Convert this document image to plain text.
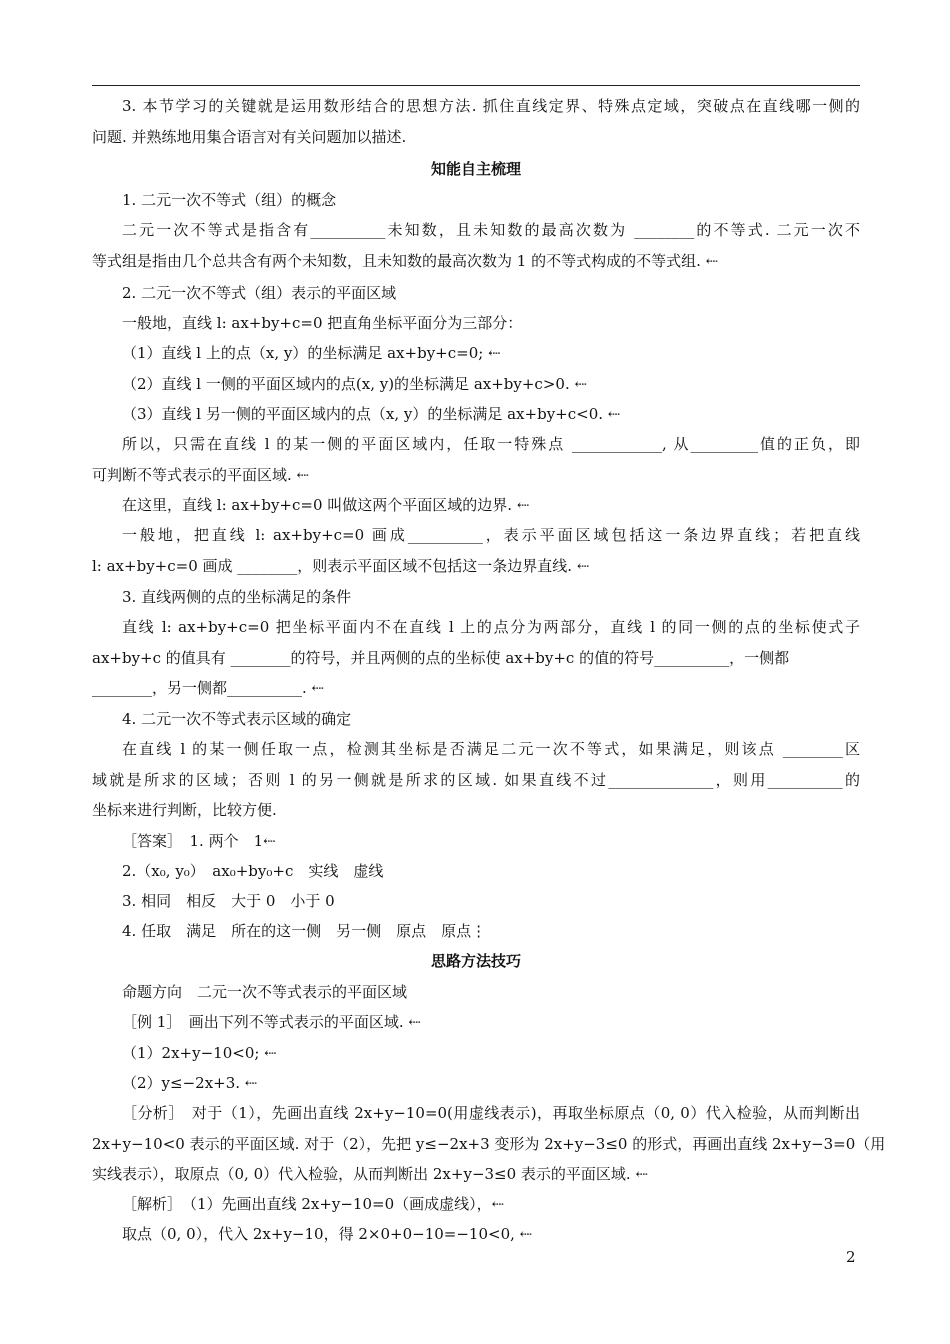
3. 本节学习的关键就是运用数形结合的思想方法. 抓住直线定界、特殊点定域，突破点在直线哪一侧的
问题. 并熟练地用集合语言对有关问题加以描述.
知能自主梳理
1. 二元一次不等式（组）的概念
二元一次不等式是指含有__________未知数，且未知数的最高次数为 ________的不等式. 二元一次不
等式组是指由几个总共含有两个未知数，且未知数的最高次数为 1 的不等式构成的不等式组. ⇠
2. 二元一次不等式（组）表示的平面区域
一般地，直线 l: ax+by+c=0 把直角坐标平面分为三部分：
（1）直线 l 上的点（x, y）的坐标满足 ax+by+c=0; ⇠
（2）直线 l 一侧的平面区域内的点(x, y)的坐标满足 ax+by+c>0. ⇠
（3）直线 l 另一侧的平面区域内的点（x, y）的坐标满足 ax+by+c<0. ⇠
所以，只需在直线 l 的某一侧的平面区域内，任取一特殊点 ____________, 从_________值的正负，即
可判断不等式表示的平面区域. ⇠
在这里，直线 l: ax+by+c=0 叫做这两个平面区域的边界. ⇠
一般地，把直线 l: ax+by+c=0 画成__________，表示平面区域包括这一条边界直线；若把直线
l: ax+by+c=0 画成 ________，则表示平面区域不包括这一条边界直线. ⇠
3. 直线两侧的点的坐标满足的条件
直线 l: ax+by+c=0 把坐标平面内不在直线 l 上的点分为两部分，直线 l 的同一侧的点的坐标使式子
ax+by+c 的值具有 ________的符号，并且两侧的点的坐标使 ax+by+c 的值的符号__________，一侧都
________，另一侧都__________. ⇠
4. 二元一次不等式表示区域的确定
在直线 l 的某一侧任取一点，检测其坐标是否满足二元一次不等式，如果满足，则该点 ________区
域就是所求的区域；否则 l 的另一侧就是所求的区域. 如果直线不过______________，则用__________的
坐标来进行判断，比较方便.
［答案］　1. 两个　1⇠
2.（x₀, y₀）　ax₀+by₀+c　实线　虚线
3. 相同　相反　大于 0　小于 0
4. 任取　满足　所在的这一侧　另一侧　原点　原点⋮
思路方法技巧
命题方向　二元一次不等式表示的平面区域
［例 1］　画出下列不等式表示的平面区域. ⇠
（1）2x+y−10<0; ⇠
（2）y≤−2x+3. ⇠
［分析］　对于（1），先画出直线 2x+y−10=0(用虚线表示)，再取坐标原点（0, 0）代入检验，从而判断出
2x+y−10<0 表示的平面区域. 对于（2），先把 y≤−2x+3 变形为 2x+y−3≤0 的形式，再画出直线 2x+y−3=0（用
实线表示），取原点（0, 0）代入检验，从而判断出 2x+y−3≤0 表示的平面区域. ⇠
［解析］　（1）先画出直线 2x+y−10=0（画成虚线），⇠
取点（0, 0），代入 2x+y−10，得 2×0+0−10=−10<0, ⇠
2
